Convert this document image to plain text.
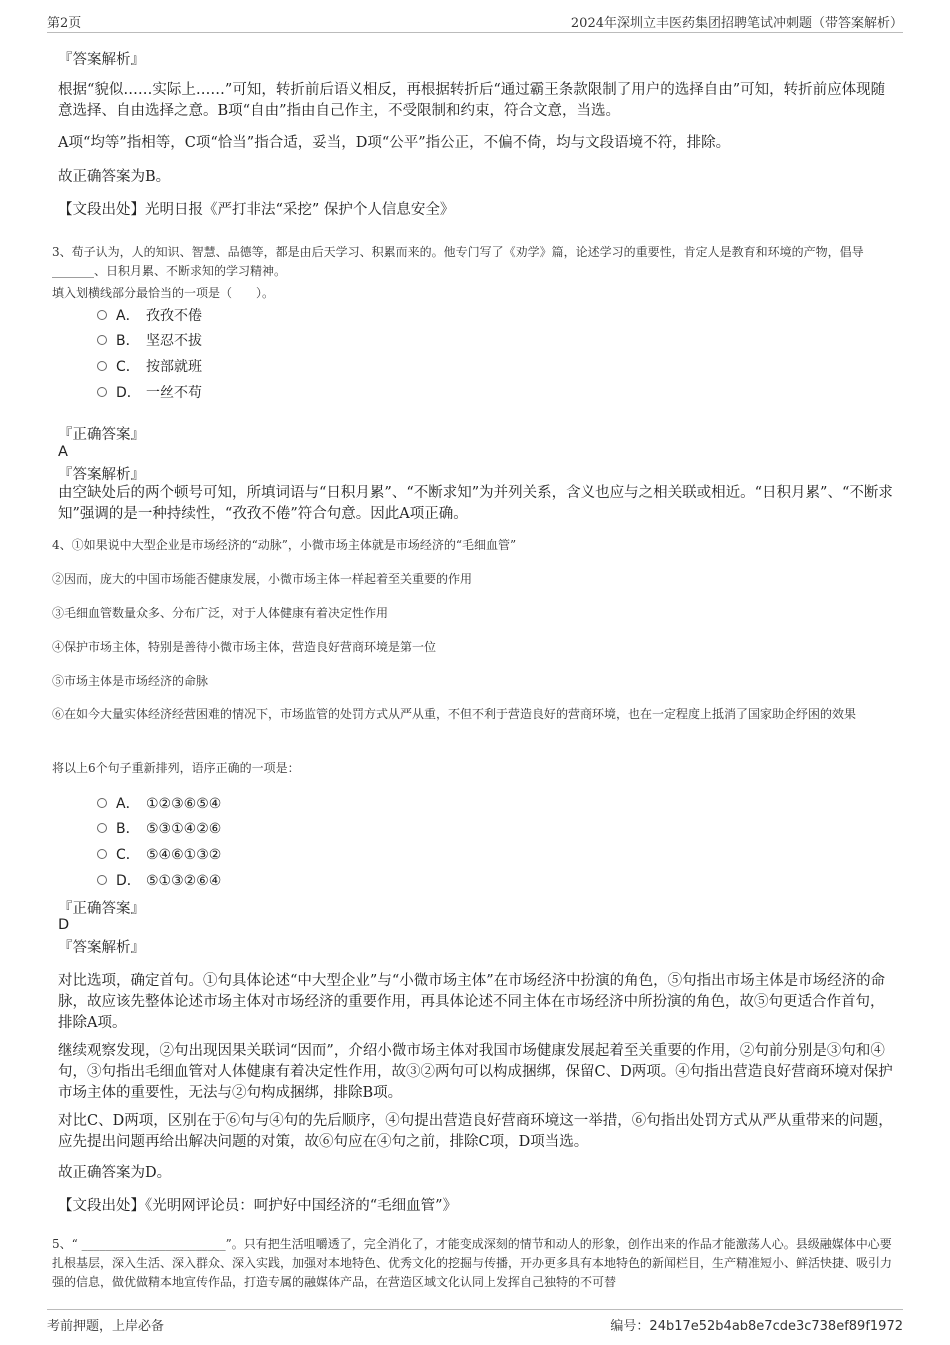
第2页	2024年深圳立丰医药集团招聘笔试冲刺题（带答案解析）
『答案解析』
根据“貌似……实际上……”可知，转折前后语义相反，再根据转折后“通过霸王条款限制了用户的选择自由”可知，转折前应体现随意选择、自由选择之意。B项“自由”指由自己作主，不受限制和约束，符合文意，当选。
A项“均等”指相等，C项“恰当”指合适，妥当，D项“公平”指公正，不偏不倚，均与文段语境不符，排除。
故正确答案为B。
【文段出处】光明日报《严打非法“采挖” 保护个人信息安全》
3、荀子认为，人的知识、智慧、品德等，都是由后天学习、积累而来的。他专门写了《劝学》篇，论述学习的重要性，肯定人是教育和环境的产物，倡导_______、日积月累、不断求知的学习精神。
填入划横线部分最恰当的一项是（　　）。
A． 孜孜不倦
B． 坚忍不拔
C． 按部就班
D． 一丝不苟
『正确答案』
A
『答案解析』
由空缺处后的两个顿号可知，所填词语与“日积月累”、“不断求知”为并列关系，含义也应与之相关联或相近。“日积月累”、“不断求知”强调的是一种持续性，“孜孜不倦”符合句意。因此A项正确。
4、①如果说中大型企业是市场经济的“动脉”，小微市场主体就是市场经济的“毛细血管”
②因而，庞大的中国市场能否健康发展，小微市场主体一样起着至关重要的作用
③毛细血管数量众多、分布广泛，对于人体健康有着决定性作用
④保护市场主体，特别是善待小微市场主体，营造良好营商环境是第一位
⑤市场主体是市场经济的命脉
⑥在如今大量实体经济经营困难的情况下，市场监管的处罚方式从严从重，不但不利于营造良好的营商环境，也在一定程度上抵消了国家助企纾困的效果
将以上6个句子重新排列，语序正确的一项是：
A． ①②③⑥⑤④
B． ⑤③①④②⑥
C． ⑤④⑥①③②
D． ⑤①③②⑥④
『正确答案』
D
『答案解析』
对比选项，确定首句。①句具体论述“中大型企业”与“小微市场主体”在市场经济中扮演的角色，⑤句指出市场主体是市场经济的命脉，故应该先整体论述市场主体对市场经济的重要作用，再具体论述不同主体在市场经济中所扮演的角色，故⑤句更适合作首句，排除A项。
继续观察发现，②句出现因果关联词“因而”，介绍小微市场主体对我国市场健康发展起着至关重要的作用，②句前分别是③句和④句，③句指出毛细血管对人体健康有着决定性作用，故③②两句可以构成捆绑，保留C、D两项。④句指出营造良好营商环境对保护市场主体的重要性，无法与②句构成捆绑，排除B项。
对比C、D两项，区别在于⑥句与④句的先后顺序，④句提出营造良好营商环境这一举措，⑥句指出处罚方式从严从重带来的问题，应先提出问题再给出解决问题的对策，故⑥句应在④句之前，排除C项，D项当选。
故正确答案为D。
【文段出处】《光明网评论员：呵护好中国经济的“毛细血管”》
5、“ ________________________”。只有把生活咀嚼透了，完全消化了，才能变成深刻的情节和动人的形象，创作出来的作品才能激荡人心。县级融媒体中心要扎根基层，深入生活、深入群众、深入实践，加强对本地特色、优秀文化的挖掘与传播，开办更多具有本地特色的新闻栏目，生产精准短小、鲜活快捷、吸引力强的信息，做优做精本地宣传作品，打造专属的融媒体产品，在营造区域文化认同上发挥自己独特的不可替
考前押题，上岸必备	编号：24b17e52b4ab8e7cde3c738ef89f1972
